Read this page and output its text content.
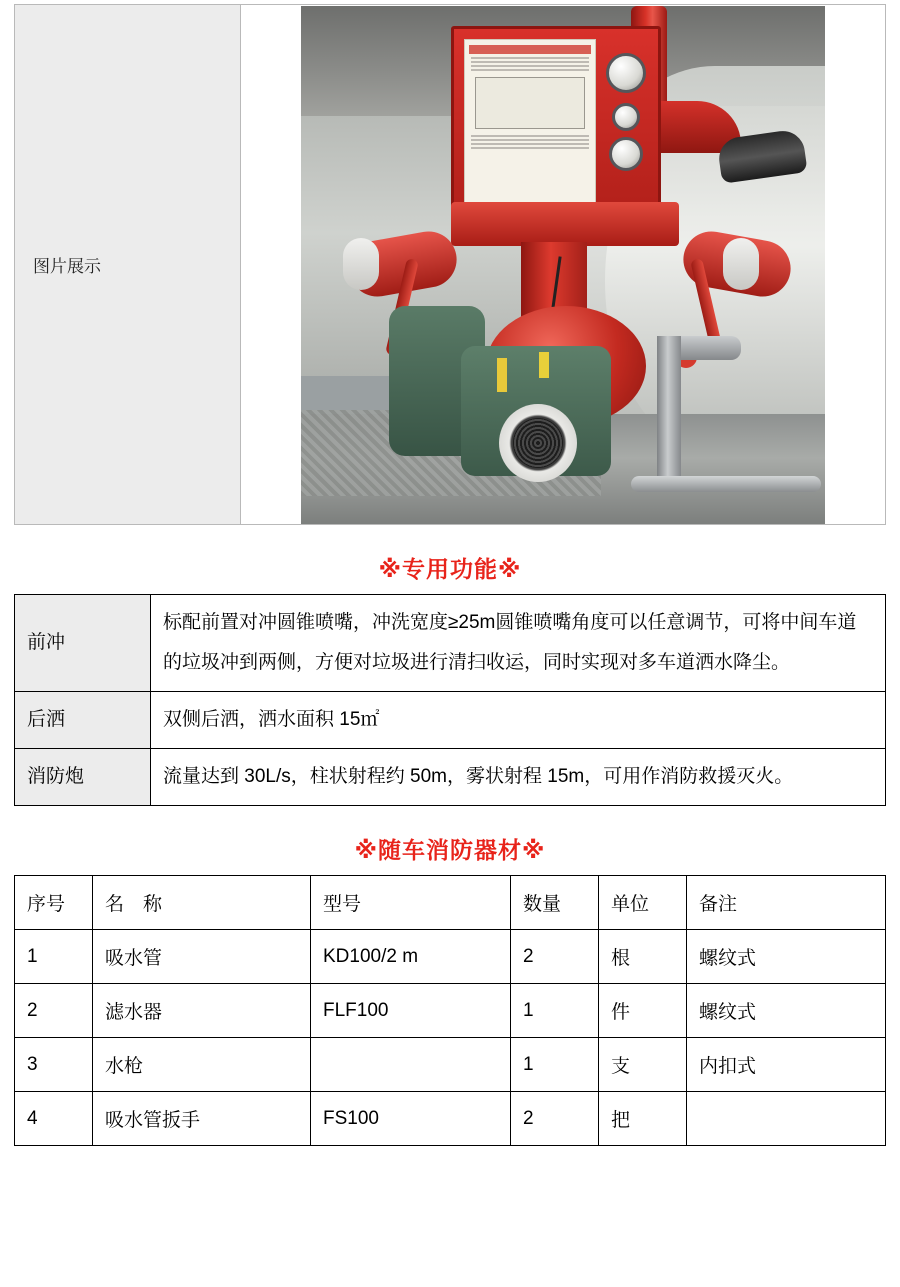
图片展示	
※专用功能※
前冲	标配前置对冲圆锥喷嘴，冲洗宽度≥25m圆锥喷嘴角度可以任意调节，可将中间车道的垃圾冲到两侧，方便对垃圾进行清扫收运，同时实现对多车道洒水降尘。
后洒	双侧后洒，洒水面积 15㎡
消防炮	流量达到 30L/s，柱状射程约 50m，雾状射程 15m，可用作消防救援灭火。
※随车消防器材※
序号	名　称	型号	数量	单位	备注
1	吸水管	KD100/2 m	2	根	螺纹式
2	滤水器	FLF100	1	件	螺纹式
3	水枪		1	支	内扣式
4	吸水管扳手	FS100	2	把	
